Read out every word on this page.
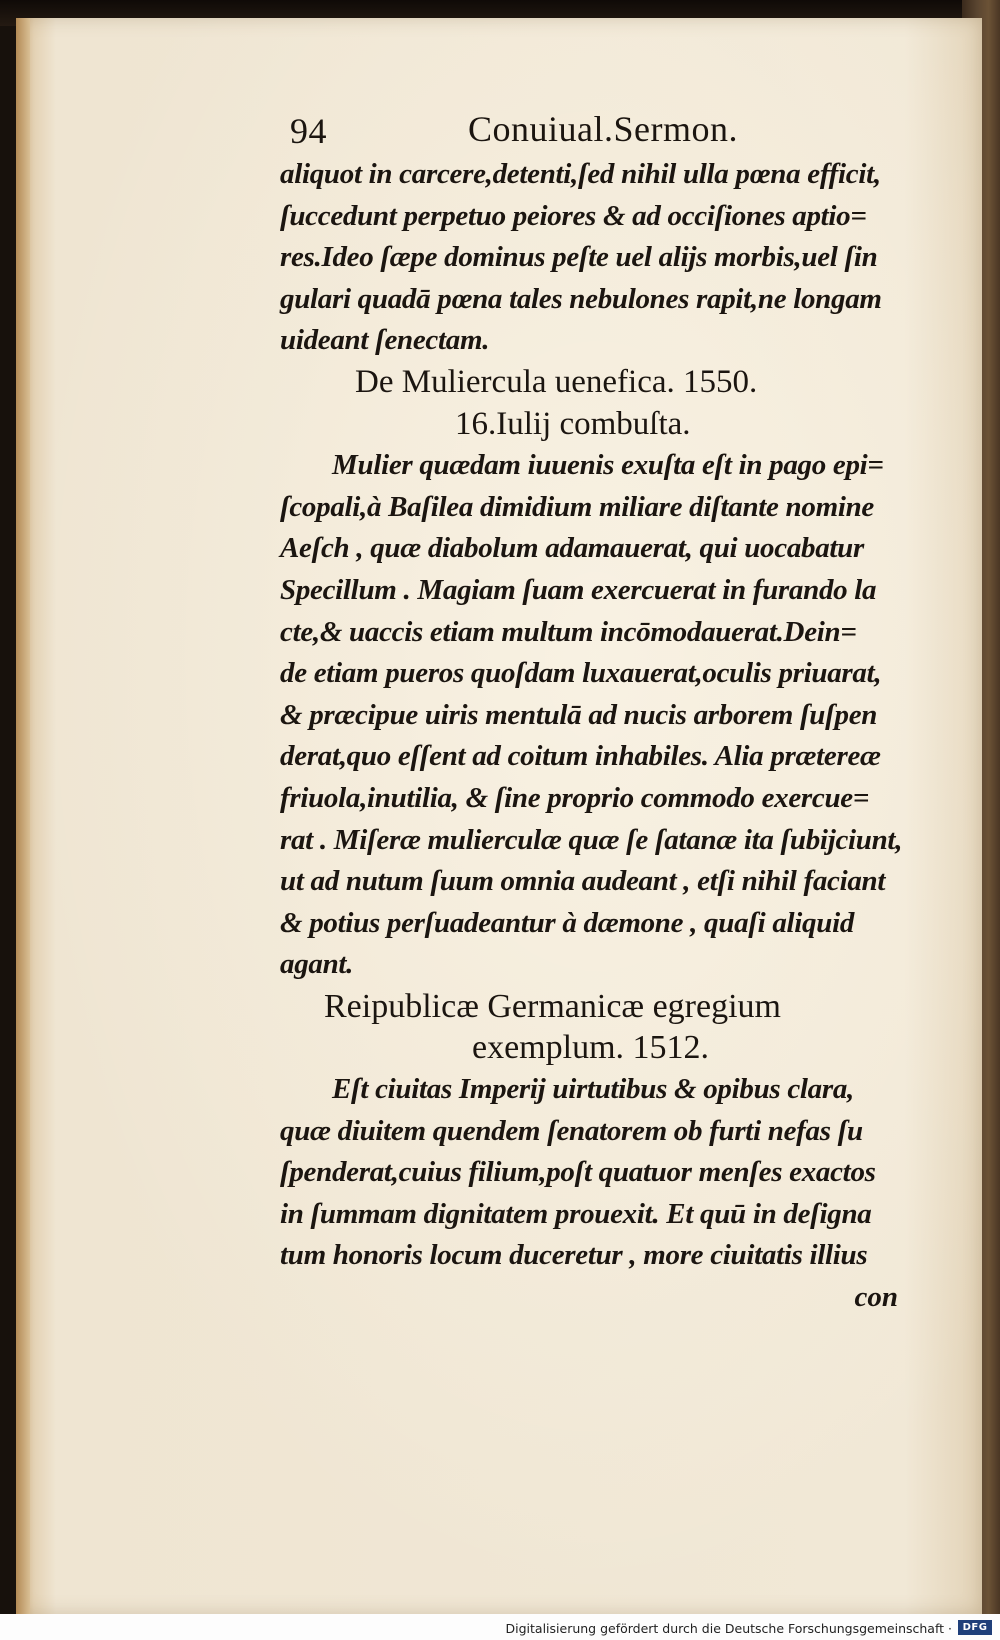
94	Conuiual.Sermon.
aliquot in carcere,detenti,ſed nihil ulla pœna efficit,
ſuccedunt perpetuo peiores & ad occiſiones aptio=
res.Ideo ſæpe dominus peſte uel alijs morbis,uel ſin
gulari quadā pœna tales nebulones rapit,ne longam
uideant ſenectam.
De Muliercula uenefica. 1550.
16.Iulij combuſta.
Mulier quædam iuuenis exuſta eſt in pago epi=
ſcopali,à Baſilea dimidium miliare diſtante nomine
Aeſch , quæ diabolum adamauerat, qui uocabatur
Specillum . Magiam ſuam exercuerat in furando la
cte,& uaccis etiam multum incōmodauerat.Dein=
de etiam pueros quoſdam luxauerat,oculis priuarat,
& præcipue uiris mentulā ad nucis arborem ſuſpen
derat,quo eſſent ad coitum inhabiles. Alia prætereæ
friuola,inutilia, & ſine proprio commodo exercue=
rat . Miſeræ mulierculæ quæ ſe ſatanæ ita ſubijciunt,
ut ad nutum ſuum omnia audeant , etſi nihil faciant
& potius perſuadeantur à dæmone , quaſi aliquid
agant.
Reipublicæ Germanicæ egregium
exemplum. 1512.
Eſt ciuitas Imperij uirtutibus & opibus clara,
quæ diuitem quendem ſenatorem ob furti nefas ſu
ſpenderat,cuius filium,poſt quatuor menſes exactos
in ſummam dignitatem prouexit. Et quū in deſigna
tum honoris locum duceretur , more ciuitatis illius
con
Digitalisierung gefördert durch die Deutsche Forschungsgemeinschaft ·	DFG
